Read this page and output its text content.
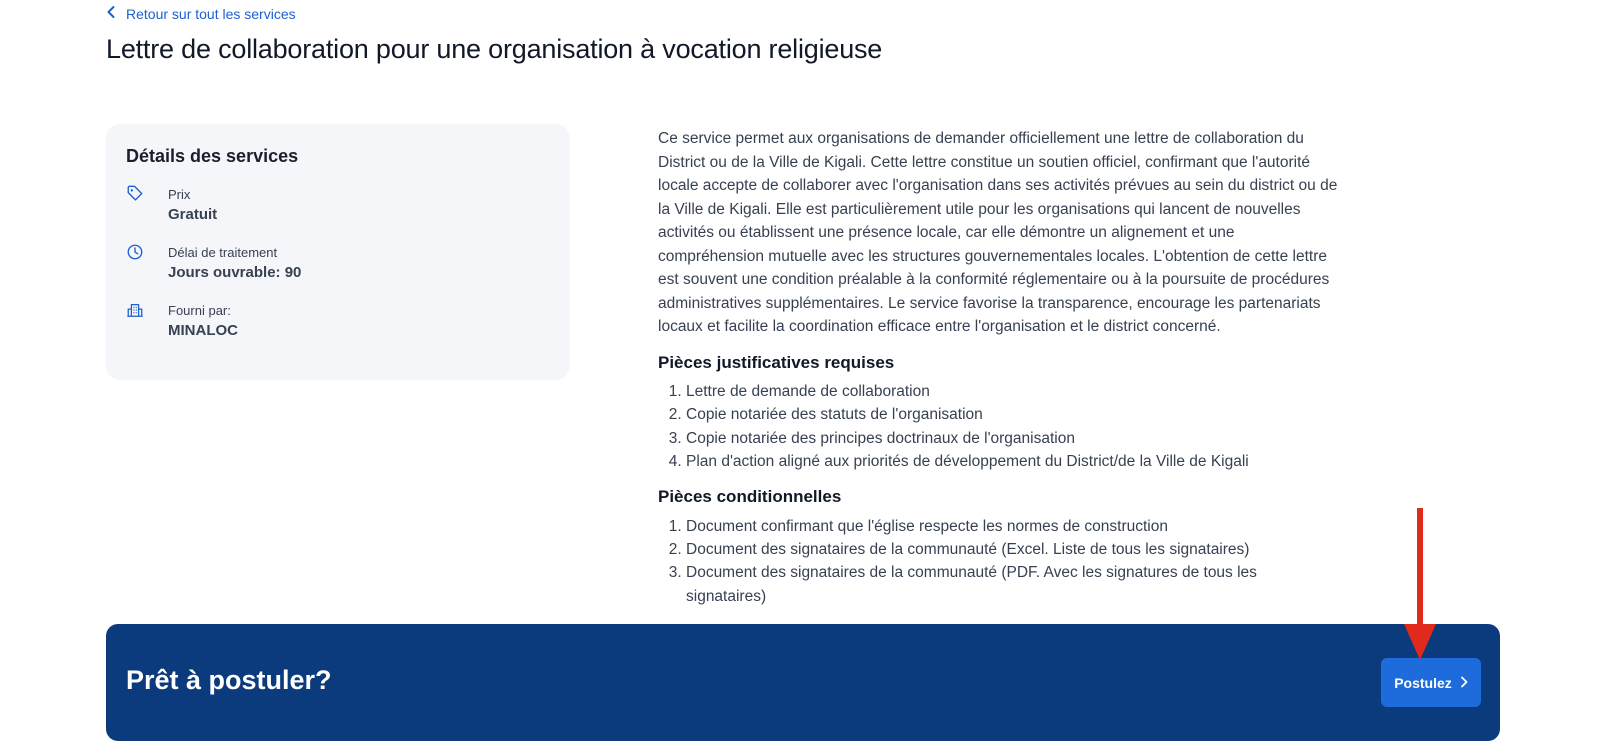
Retour sur tout les services
Lettre de collaboration pour une organisation à vocation religieuse
Détails des services
Prix
Gratuit
Délai de traitement
Jours ouvrable: 90
Fourni par:
MINALOC

Ce service permet aux organisations de demander officiellement une lettre de collaboration du District ou de la Ville de Kigali. Cette lettre constitue un soutien officiel, confirmant que l'autorité locale accepte de collaborer avec l'organisation dans ses activités prévues au sein du district ou de la Ville de Kigali. Elle est particulièrement utile pour les organisations qui lancent de nouvelles activités ou établissent une présence locale, car elle démontre un alignement et une compréhension mutuelle avec les structures gouvernementales locales. L'obtention de cette lettre est souvent une condition préalable à la conformité réglementaire ou à la poursuite de procédures administratives supplémentaires. Le service favorise la transparence, encourage les partenariats locaux et facilite la coordination efficace entre l'organisation et le district concerné.

Pièces justificatives requises
1. Lettre de demande de collaboration
2. Copie notariée des statuts de l'organisation
3. Copie notariée des principes doctrinaux de l'organisation
4. Plan d'action aligné aux priorités de développement du District/de la Ville de Kigali
Pièces conditionnelles
1. Document confirmant que l'église respecte les normes de construction
2. Document des signataires de la communauté (Excel. Liste de tous les signataires)
3. Document des signataires de la communauté (PDF. Avec les signatures de tous les signataires)
Prêt à postuler?	Postulez
